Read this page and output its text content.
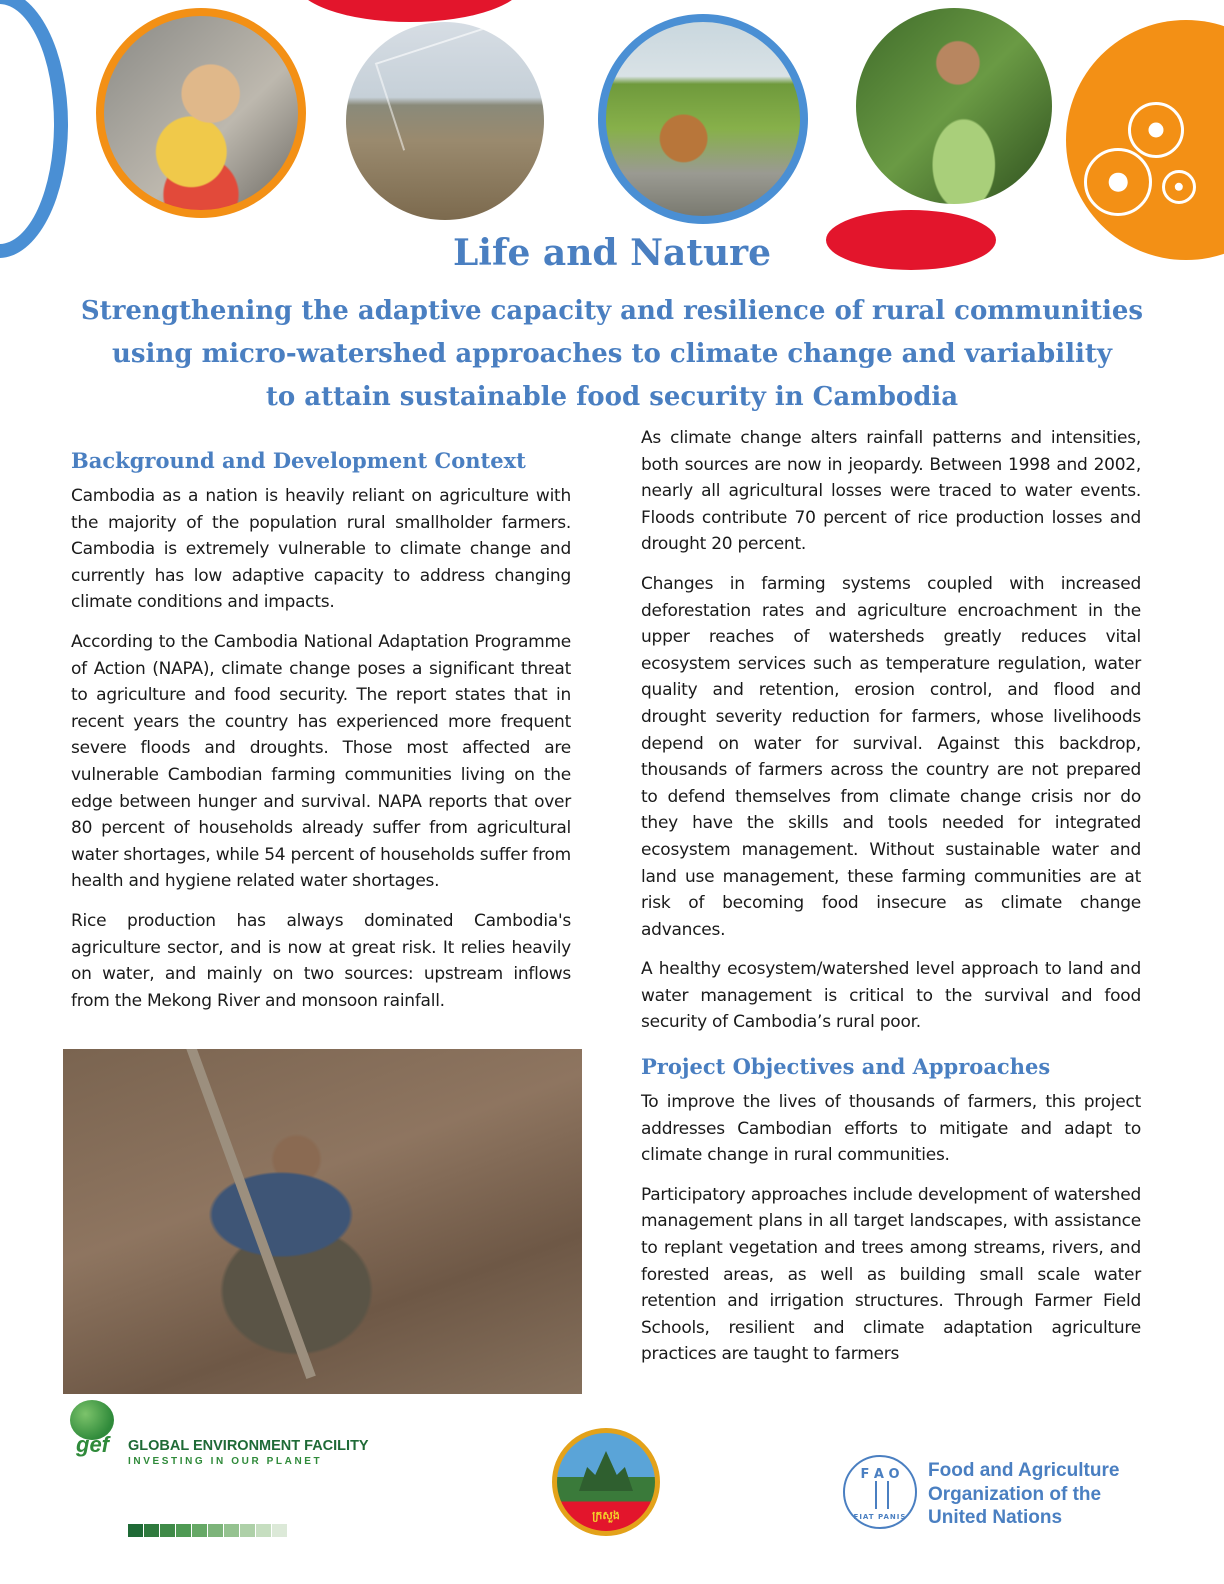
Life and Nature
Strengthening the adaptive capacity and resilience of rural communities
using micro-watershed approaches to climate change and variability
to attain sustainable food security in Cambodia
Background and Development Context

Cambodia as a nation is heavily reliant on agriculture with the majority of the population rural smallholder farmers. Cambodia is extremely vulnerable to climate change and currently has low adaptive capacity to address changing climate conditions and impacts.

According to the Cambodia National Adaptation Programme of Action (NAPA), climate change poses a significant threat to agriculture and food security. The report states that in recent years the country has experienced more frequent severe floods and droughts. Those most affected are vulnerable Cambodian farming communities living on the edge between hunger and survival. NAPA reports that over 80 percent of households already suffer from agricultural water shortages, while 54 percent of households suffer from health and hygiene related water shortages.

Rice production has always dominated Cambodia's agriculture sector, and is now at great risk. It relies heavily on water, and mainly on two sources: upstream inflows from the Mekong River and monsoon rainfall.

As climate change alters rainfall patterns and intensities, both sources are now in jeopardy. Between 1998 and 2002, nearly all agricultural losses were traced to water events. Floods contribute 70 percent of rice production losses and drought 20 percent.

Changes in farming systems coupled with increased deforestation rates and agriculture encroachment in the upper reaches of watersheds greatly reduces vital ecosystem services such as temperature regulation, water quality and retention, erosion control, and flood and drought severity reduction for farmers, whose livelihoods depend on water for survival. Against this backdrop, thousands of farmers across the country are not prepared to defend themselves from climate change crisis nor do they have the skills and tools needed for integrated ecosystem management. Without sustainable water and land use management, these farming communities are at risk of becoming food insecure as climate change advances.

A healthy ecosystem/watershed level approach to land and water management is critical to the survival and food security of Cambodia’s rural poor.

Project Objectives and Approaches

To improve the lives of thousands of farmers, this project addresses Cambodian efforts to mitigate and adapt to climate change in rural communities.

Participatory approaches include development of watershed management plans in all target landscapes, with assistance to replant vegetation and trees among streams, rivers, and forested areas, as well as building small scale water retention and irrigation structures. Through Farmer Field Schools, resilient and climate adaptation agriculture practices are taught to farmers

gef GLOBAL ENVIRONMENT FACILITY
INVESTING IN OUR PLANET
ក្រសួង
F A O
FIAT PANIS
Food and Agriculture
Organization of the
United Nations
